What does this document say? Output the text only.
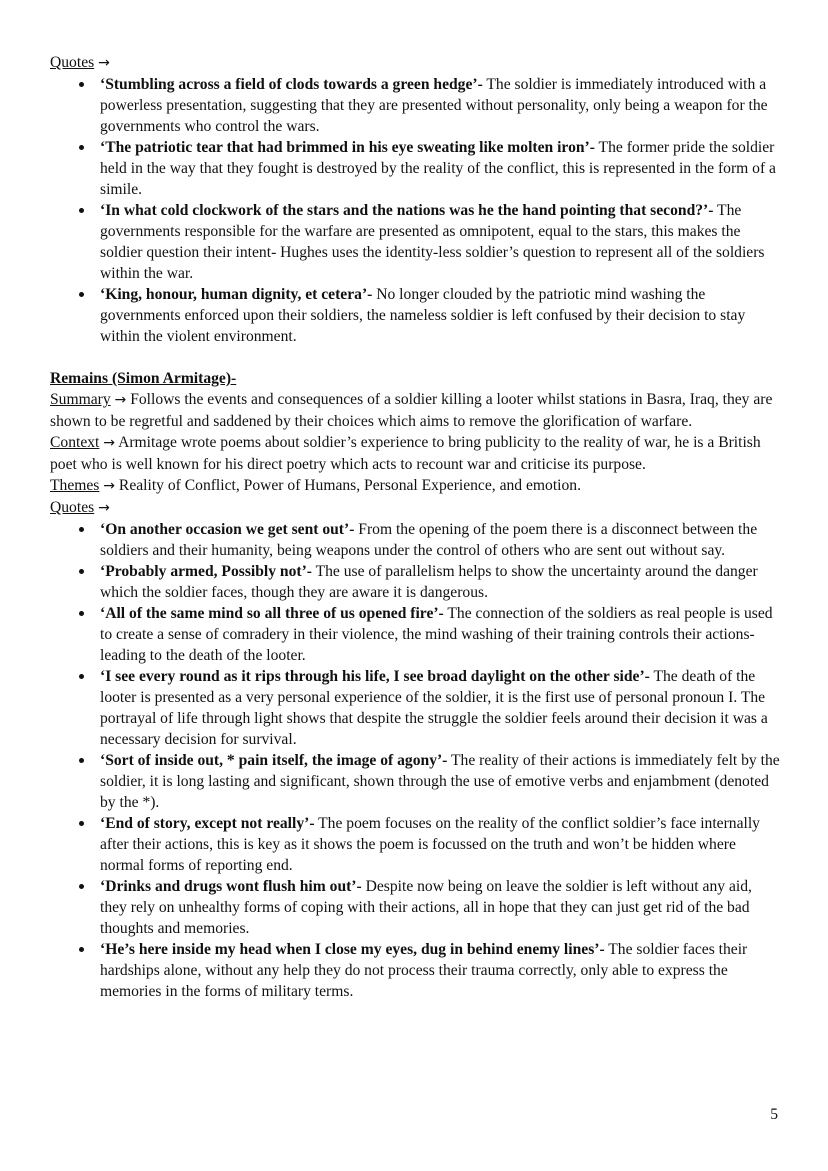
Quotes →

‘Stumbling across a field of clods towards a green hedge’- The soldier is immediately introduced with a powerless presentation, suggesting that they are presented without personality, only being a weapon for the governments who control the wars.
‘The patriotic tear that had brimmed in his eye sweating like molten iron’- The former pride the soldier held in the way that they fought is destroyed by the reality of the conflict, this is represented in the form of a simile.
‘In what cold clockwork of the stars and the nations was he the hand pointing that second?’- The governments responsible for the warfare are presented as omnipotent, equal to the stars, this makes the soldier question their intent- Hughes uses the identity-less soldier’s question to represent all of the soldiers within the war.
‘King, honour, human dignity, et cetera’- No longer clouded by the patriotic mind washing the governments enforced upon their soldiers, the nameless soldier is left confused by their decision to stay within the violent environment.

Remains (Simon Armitage)-

Summary → Follows the events and consequences of a soldier killing a looter whilst stations in Basra, Iraq, they are shown to be regretful and saddened by their choices which aims to remove the glorification of warfare.

Context → Armitage wrote poems about soldier’s experience to bring publicity to the reality of war, he is a British poet who is well known for his direct poetry which acts to recount war and criticise its purpose.

Themes → Reality of Conflict, Power of Humans, Personal Experience, and emotion.

Quotes →

‘On another occasion we get sent out’- From the opening of the poem there is a disconnect between the soldiers and their humanity, being weapons under the control of others who are sent out without say.
‘Probably armed, Possibly not’- The use of parallelism helps to show the uncertainty around the danger which the soldier faces, though they are aware it is dangerous.
‘All of the same mind so all three of us opened fire’- The connection of the soldiers as real people is used to create a sense of comradery in their violence, the mind washing of their training controls their actions- leading to the death of the looter.
‘I see every round as it rips through his life, I see broad daylight on the other side’- The death of the looter is presented as a very personal experience of the soldier, it is the first use of personal pronoun I. The portrayal of life through light shows that despite the struggle the soldier feels around their decision it was a necessary decision for survival.
‘Sort of inside out, * pain itself, the image of agony’- The reality of their actions is immediately felt by the soldier, it is long lasting and significant, shown through the use of emotive verbs and enjambment (denoted by the *).
‘End of story, except not really’- The poem focuses on the reality of the conflict soldier’s face internally after their actions, this is key as it shows the poem is focussed on the truth and won’t be hidden where normal forms of reporting end.
‘Drinks and drugs wont flush him out’- Despite now being on leave the soldier is left without any aid, they rely on unhealthy forms of coping with their actions, all in hope that they can just get rid of the bad thoughts and memories.
‘He’s here inside my head when I close my eyes, dug in behind enemy lines’- The soldier faces their hardships alone, without any help they do not process their trauma correctly, only able to express the memories in the forms of military terms.
5
